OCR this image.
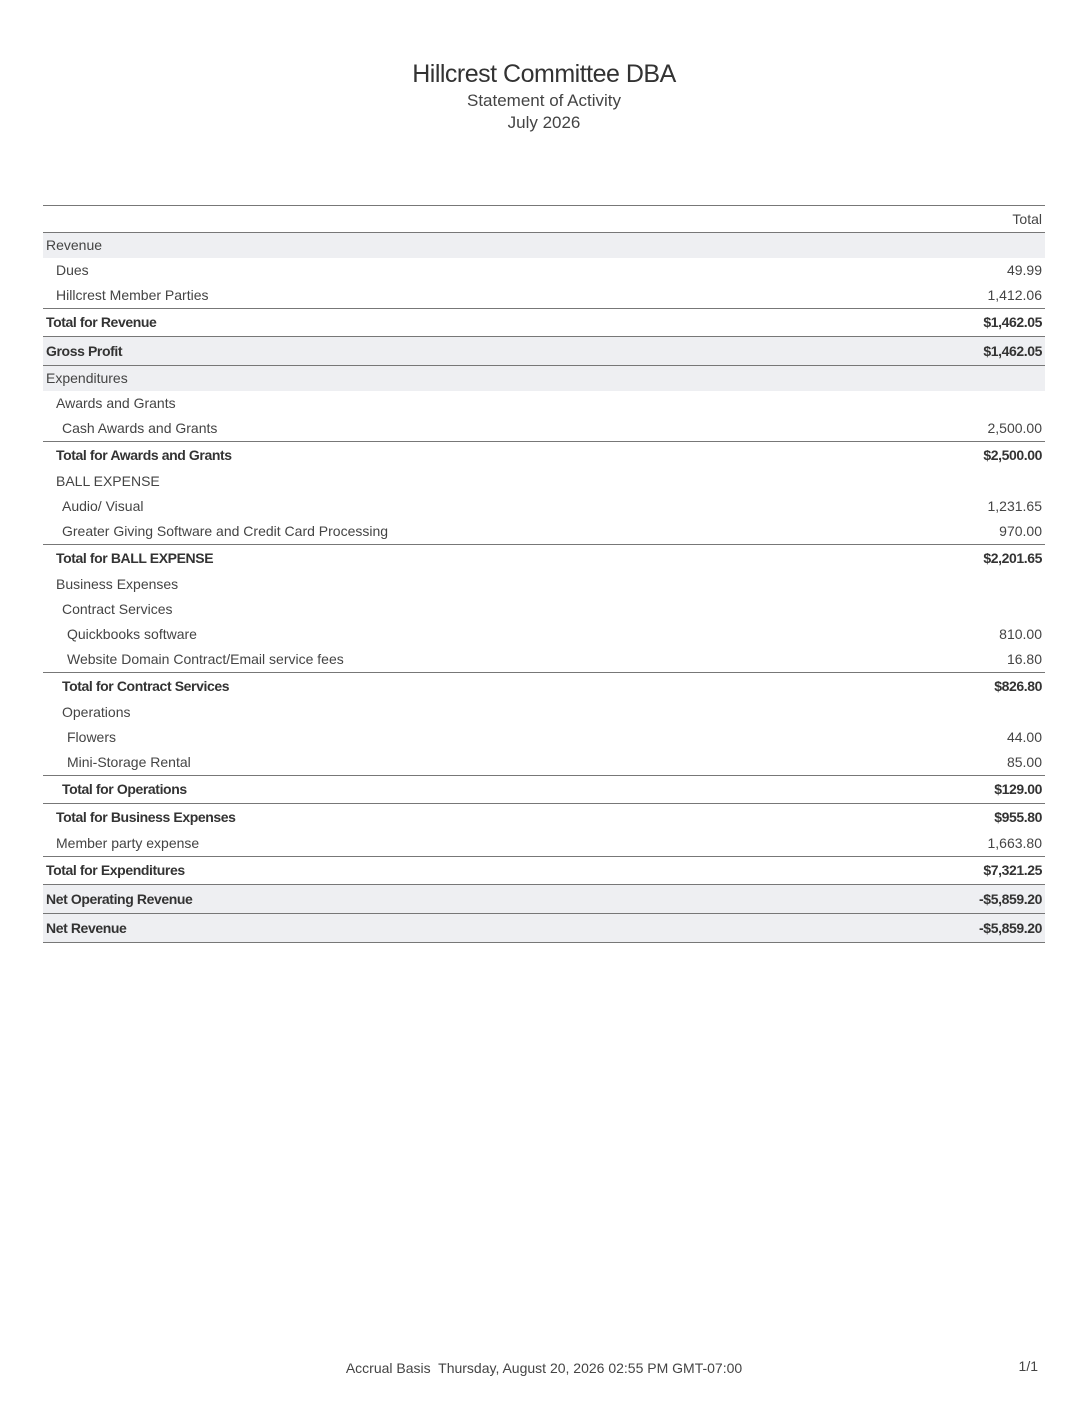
Hillcrest Committee DBA
Statement of Activity
July 2026
	Total
Revenue	
Dues	49.99
Hillcrest Member Parties	1,412.06
Total for Revenue	$1,462.05
Gross Profit	$1,462.05
Expenditures	
Awards and Grants	
Cash Awards and Grants	2,500.00
Total for Awards and Grants	$2,500.00
BALL EXPENSE	
Audio/ Visual	1,231.65
Greater Giving Software and Credit Card Processing	970.00
Total for BALL EXPENSE	$2,201.65
Business Expenses	
Contract Services	
Quickbooks software	810.00
Website Domain Contract/Email service fees	16.80
Total for Contract Services	$826.80
Operations	
Flowers	44.00
Mini-Storage Rental	85.00
Total for Operations	$129.00
Total for Business Expenses	$955.80
Member party expense	1,663.80
Total for Expenditures	$7,321.25
Net Operating Revenue	-$5,859.20
Net Revenue	-$5,859.20
Accrual Basis  Thursday, August 20, 2026 02:55 PM GMT-07:00	1/1
